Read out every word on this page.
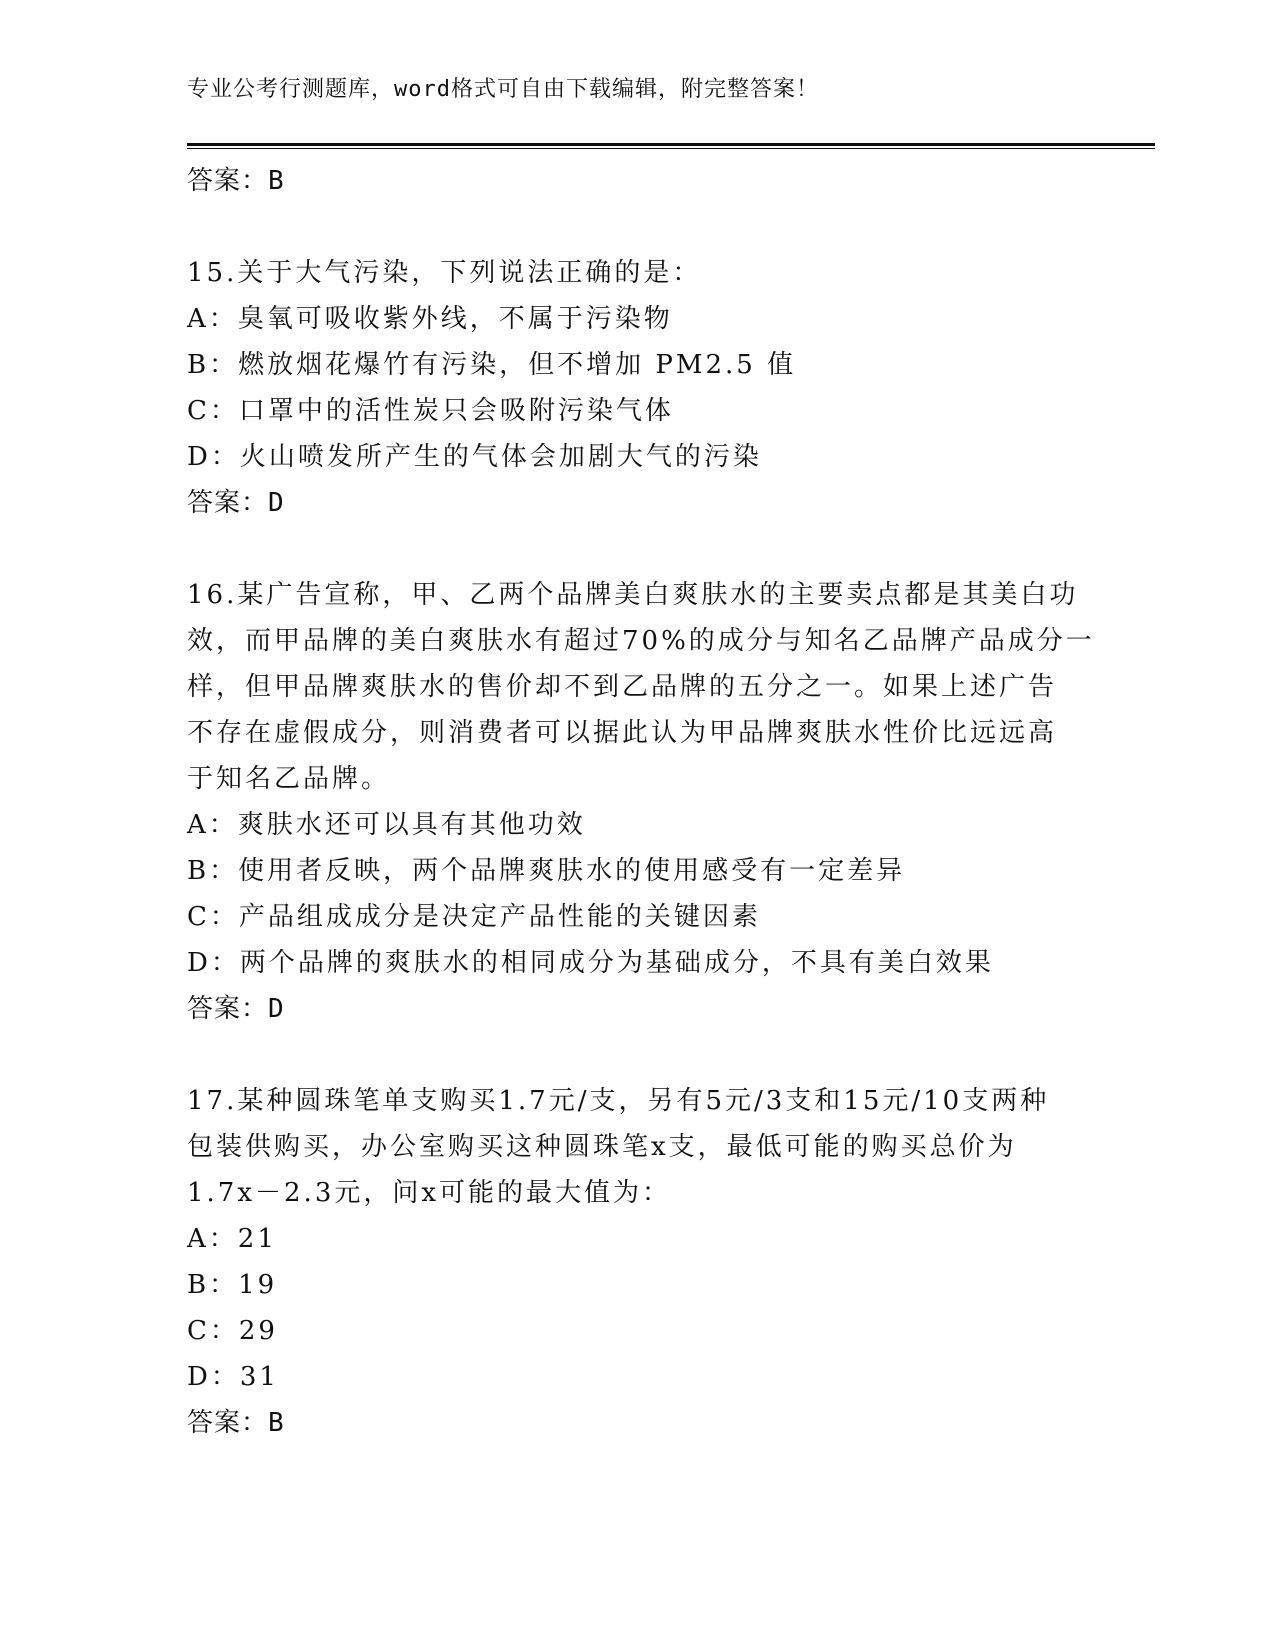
专业公考行测题库，word格式可自由下载编辑，附完整答案！
答案：B
15.关于大气污染，下列说法正确的是：
A：臭氧可吸收紫外线，不属于污染物
B：燃放烟花爆竹有污染，但不增加 PM2.5 值
C：口罩中的活性炭只会吸附污染气体
D：火山喷发所产生的气体会加剧大气的污染
答案：D
16.某广告宣称，甲、乙两个品牌美白爽肤水的主要卖点都是其美白功
效，而甲品牌的美白爽肤水有超过70%的成分与知名乙品牌产品成分一
样，但甲品牌爽肤水的售价却不到乙品牌的五分之一。如果上述广告
不存在虚假成分，则消费者可以据此认为甲品牌爽肤水性价比远远高
于知名乙品牌。
A：爽肤水还可以具有其他功效
B：使用者反映，两个品牌爽肤水的使用感受有一定差异
C：产品组成成分是决定产品性能的关键因素
D：两个品牌的爽肤水的相同成分为基础成分，不具有美白效果
答案：D
17.某种圆珠笔单支购买1.7元/支，另有5元/3支和15元/10支两种
包装供购买，办公室购买这种圆珠笔x支，最低可能的购买总价为
1.7x－2.3元，问x可能的最大值为：
A：21
B：19
C：29
D：31
答案：B
